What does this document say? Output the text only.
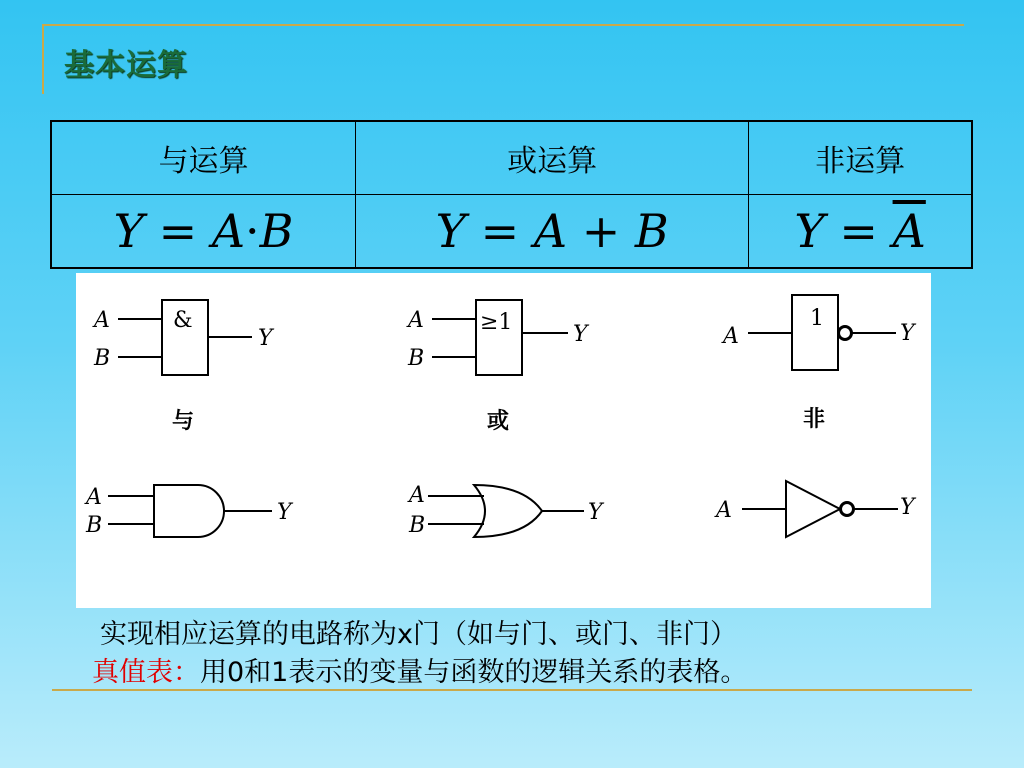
基本运算
与运算	或运算	非运算
Y = A·B	Y = A + B	$Y = \overline{A}$
A
B
&
Y
A
B
≥1	Y	A
1
Y
与	或	非
A
B
Y
A
B
Y	A	Y

实现相应运算的电路称为x门（如与门、或门、非门）

真值表：用0和1表示的变量与函数的逻辑关系的表格。
